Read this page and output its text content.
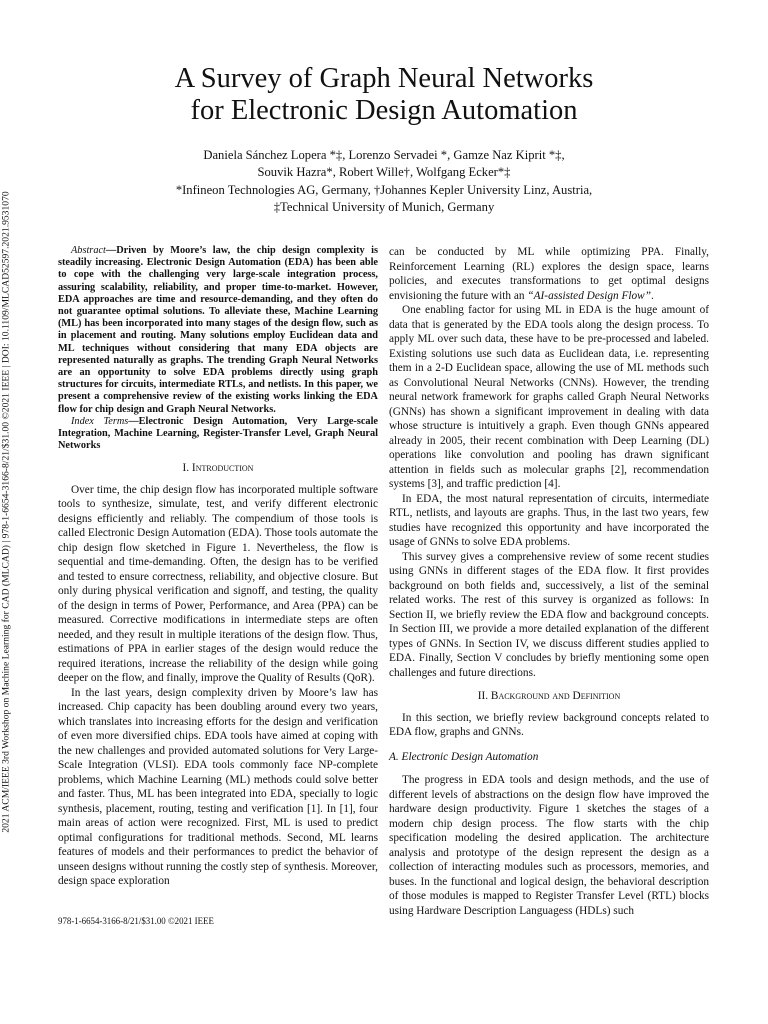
2021 ACM/IEEE 3rd Workshop on Machine Learning for CAD (MLCAD) | 978-1-6654-3166-8/21/$31.00 ©2021 IEEE | DOI: 10.1109/MLCAD52597.2021.9531070
A Survey of Graph Neural Networks
for Electronic Design Automation
Daniela Sánchez Lopera *‡, Lorenzo Servadei *, Gamze Naz Kiprit *‡,
Souvik Hazra*, Robert Wille†, Wolfgang Ecker*‡
*Infineon Technologies AG, Germany, †Johannes Kepler University Linz, Austria,
‡Technical University of Munich, Germany

Abstract—Driven by Moore’s law, the chip design complexity is steadily increasing. Electronic Design Automation (EDA) has been able to cope with the challenging very large-scale integration process, assuring scalability, reliability, and proper time-to-market. However, EDA approaches are time and resource-demanding, and they often do not guarantee optimal solutions. To alleviate these, Machine Learning (ML) has been incorporated into many stages of the design flow, such as in placement and routing. Many solutions employ Euclidean data and ML techniques without considering that many EDA objects are represented naturally as graphs. The trending Graph Neural Networks are an opportunity to solve EDA problems directly using graph structures for circuits, intermediate RTLs, and netlists. In this paper, we present a comprehensive review of the existing works linking the EDA flow for chip design and Graph Neural Networks.

Index Terms—Electronic Design Automation, Very Large-scale Integration, Machine Learning, Register-Transfer Level, Graph Neural Networks

I. Introduction

Over time, the chip design flow has incorporated multiple software tools to synthesize, simulate, test, and verify different electronic designs efficiently and reliably. The compendium of those tools is called Electronic Design Automation (EDA). Those tools automate the chip design flow sketched in Figure 1. Nevertheless, the flow is sequential and time-demanding. Often, the design has to be verified and tested to ensure correctness, reliability, and objective closure. But only during physical verification and signoff, and testing, the quality of the design in terms of Power, Performance, and Area (PPA) can be measured. Corrective modifications in intermediate steps are often needed, and they result in multiple iterations of the design flow. Thus, estimations of PPA in earlier stages of the design would reduce the required iterations, increase the reliability of the design while going deeper on the flow, and finally, improve the Quality of Results (QoR).

In the last years, design complexity driven by Moore’s law has increased. Chip capacity has been doubling around every two years, which translates into increasing efforts for the design and verification of even more diversified chips. EDA tools have aimed at coping with the new challenges and provided automated solutions for Very Large-Scale Integration (VLSI). EDA tools commonly face NP-complete problems, which Machine Learning (ML) methods could solve better and faster. Thus, ML has been integrated into EDA, specially to logic synthesis, placement, routing, testing and verification [1]. In [1], four main areas of action were recognized. First, ML is used to predict optimal configurations for traditional methods. Second, ML learns features of models and their performances to predict the behavior of unseen designs without running the costly step of synthesis. Moreover, design space exploration

can be conducted by ML while optimizing PPA. Finally, Reinforcement Learning (RL) explores the design space, learns policies, and executes transformations to get optimal designs envisioning the future with an “AI-assisted Design Flow”.

One enabling factor for using ML in EDA is the huge amount of data that is generated by the EDA tools along the design process. To apply ML over such data, these have to be pre-processed and labeled. Existing solutions use such data as Euclidean data, i.e. representing them in a 2-D Euclidean space, allowing the use of ML methods such as Convolutional Neural Networks (CNNs). However, the trending neural network framework for graphs called Graph Neural Networks (GNNs) has shown a significant improvement in dealing with data whose structure is intuitively a graph. Even though GNNs appeared already in 2005, their recent combination with Deep Learning (DL) operations like convolution and pooling has drawn significant attention in fields such as molecular graphs [2], recommendation systems [3], and traffic prediction [4].

In EDA, the most natural representation of circuits, intermediate RTL, netlists, and layouts are graphs. Thus, in the last two years, few studies have recognized this opportunity and have incorporated the usage of GNNs to solve EDA problems.

This survey gives a comprehensive review of some recent studies using GNNs in different stages of the EDA flow. It first provides background on both fields and, successively, a list of the seminal related works. The rest of this survey is organized as follows: In Section II, we briefly review the EDA flow and background concepts. In Section III, we provide a more detailed explanation of the different types of GNNs. In Section IV, we discuss different studies applied to EDA. Finally, Section V concludes by briefly mentioning some open challenges and future directions.

II. Background and Definition

In this section, we briefly review background concepts related to EDA flow, graphs and GNNs.

A. Electronic Design Automation

The progress in EDA tools and design methods, and the use of different levels of abstractions on the design flow have improved the hardware design productivity. Figure 1 sketches the stages of a modern chip design process. The flow starts with the chip specification modeling the desired application. The architecture analysis and prototype of the design represent the design as a collection of interacting modules such as processors, memories, and buses. In the functional and logical design, the behavioral description of those modules is mapped to Register Transfer Level (RTL) blocks using Hardware Description Languagess (HDLs) such

978-1-6654-3166-8/21/$31.00 ©2021 IEEE
